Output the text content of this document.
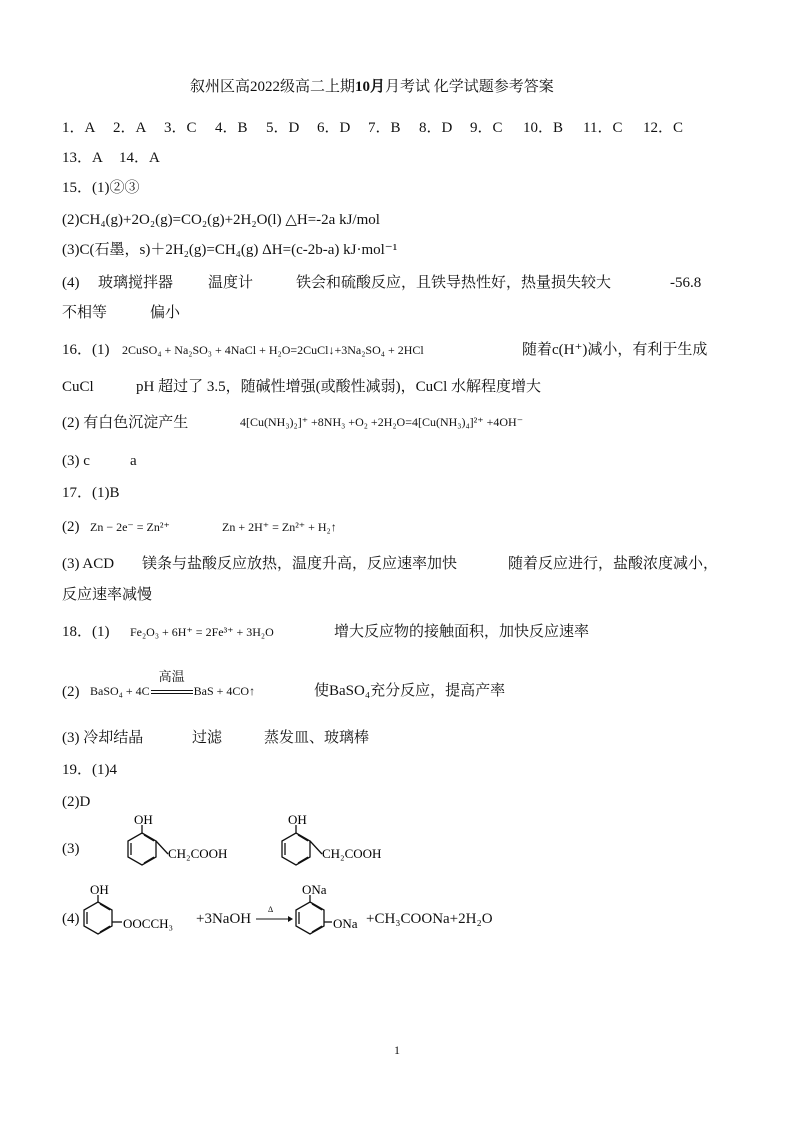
叙州区高2022级高二上期10月月考试 化学试题参考答案
1．A 2．A 3．C 4．B 5．D 6．D 7．B 8．D 9．C 10．B 11．C 12．C
13．A 14．A
15．(1)②③
(2)CH₄(g)+2O₂(g)=CO₂(g)+2H₂O(l) △H=-2a kJ/mol
(3)C(石墨，s)＋2H₂(g)=CH₄(g) ΔH=(c-2b-a) kJ·mol⁻¹
(4) 玻璃搅拌器 温度计	铁会和硫酸反应，且铁导热性好，热量损失较大	-56.8
不相等	偏小
16．(1) 2CuSO₄ + Na₂SO₃ + 4NaCl + H₂O=2CuCl↓+3Na₂SO₄ + 2HCl	随着c(H⁺)减小，有利于生成
CuCl	pH 超过了 3.5，随碱性增强(或酸性减弱)，CuCl 水解程度增大
(2) 有白色沉淀产生	4[Cu(NH₃)₂]⁺ +8NH₃ +O₂ +2H₂O=4[Cu(NH₃)₄]²⁺ +4OH⁻
(3) c	a
17．(1)B
(2) Zn − 2e⁻ = Zn²⁺	Zn + 2H⁺ = Zn²⁺ + H₂↑
(3) ACD 镁条与盐酸反应放热，温度升高，反应速率加快	随着反应进行，盐酸浓度减小，
反应速率减慢
18．(1) Fe₂O₃ + 6H⁺ = 2Fe³⁺ + 3H₂O	增大反应物的接触面积，加快反应速率
(2) BaSO₄ + 4C
高温
BaS + 4CO↑	使BaSO₄充分反应，提高产率
(3) 冷却结晶	过滤	蒸发皿、玻璃棒
19．(1)4
(2)D
(3)
OH
CH₂COOH
OH
CH₂COOH
(4)
OH
OOCCH₃ +3NaOH
Δ
ONa
ONa +CH₃COONa+2H₂O
1
